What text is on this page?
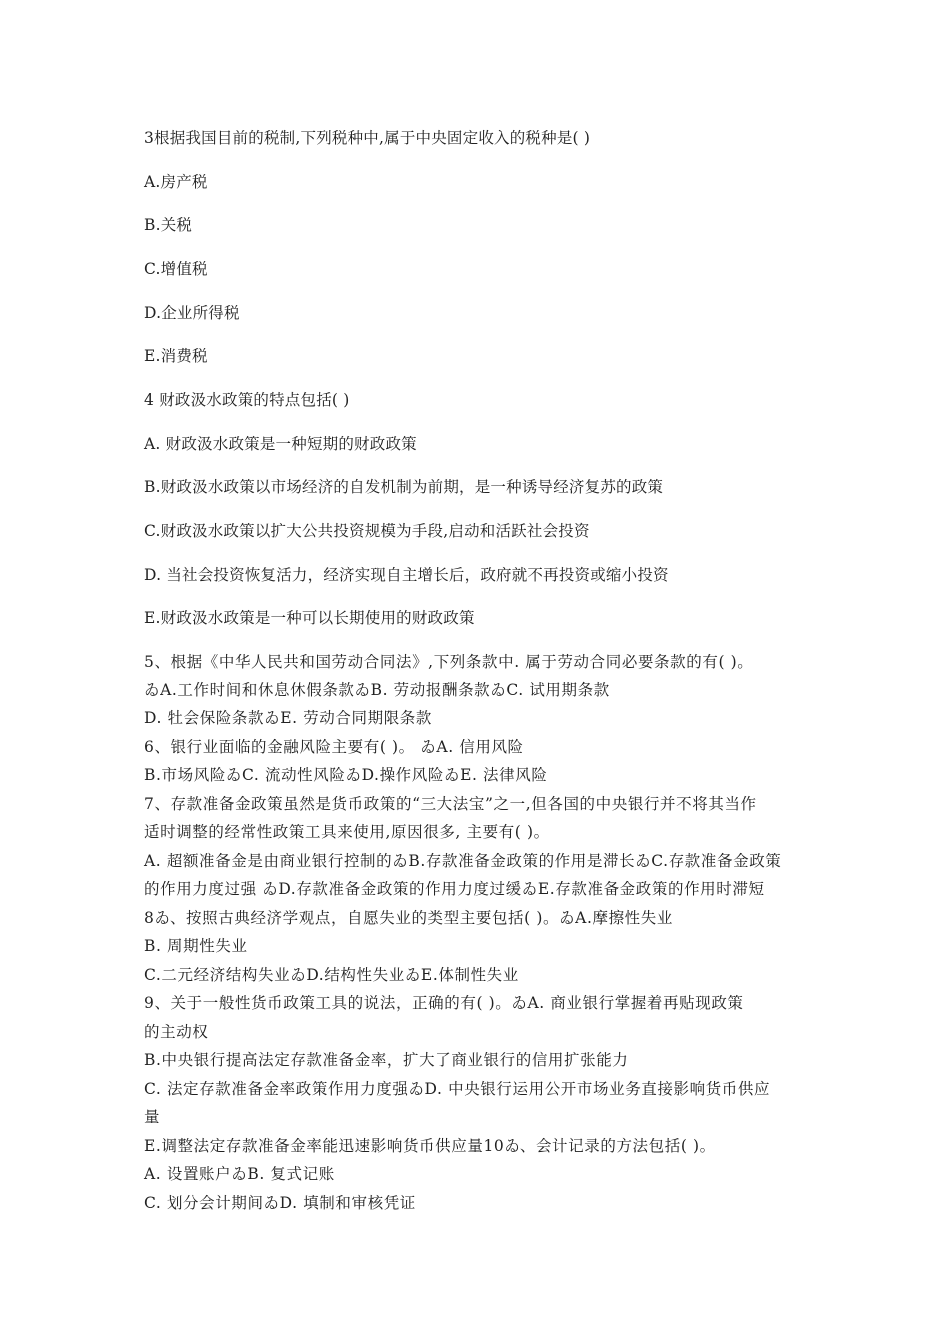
3根据我国目前的税制,下列税种中,属于中央固定收入的税种是( )
A.房产税
B.关税
C.增值税
D.企业所得税
E.消费税
4 财政汲水政策的特点包括( )
A. 财政汲水政策是一种短期的财政政策
B.财政汲水政策以市场经济的自发机制为前期，是一种诱导经济复苏的政策
C.财政汲水政策以扩大公共投资规模为手段,启动和活跃社会投资
D. 当社会投资恢复活力，经济实现自主增长后，政府就不再投资或缩小投资
E.财政汲水政策是一种可以长期使用的财政政策
5、根据《中华人民共和国劳动合同法》,下列条款中. 属于劳动合同必要条款的有( )。
ゐA.工作时间和休息休假条款ゐB. 劳动报酬条款ゐC. 试用期条款
D. 牡会保险条款ゐE. 劳动合同期限条款
6、银行业面临的金融风险主要有( )。 ゐA. 信用风险
B.市场风险ゐC. 流动性风险ゐD.操作风险ゐE. 法律风险
7、存款准备金政策虽然是货币政策的“三大法宝”之一,但各国的中央银行并不将其当作
适时调整的经常性政策工具来使用,原因很多, 主要有( )。
A. 超额准备金是由商业银行控制的ゐB.存款准备金政策的作用是滞长ゐC.存款准备金政策
的作用力度过强 ゐD.存款准备金政策的作用力度过缓ゐE.存款准备金政策的作用时滞短
8ゐ、按照古典经济学观点，自愿失业的类型主要包括( )。ゐA.摩擦性失业
B. 周期性失业
C.二元经济结构失业ゐD.结构性失业ゐE.体制性失业
9、关于一般性货币政策工具的说法，正确的有( )。ゐA. 商业银行掌握着再贴现政策
的主动权
B.中央银行提高法定存款准备金率，扩大了商业银行的信用扩张能力
C. 法定存款准备金率政策作用力度强ゐD. 中央银行运用公开市场业务直接影响货币供应
量
E.调整法定存款准备金率能迅速影响货币供应量10ゐ、会计记录的方法包括( )。
A. 设置账户ゐB. 复式记账
C. 划分会计期间ゐD. 填制和审核凭证
